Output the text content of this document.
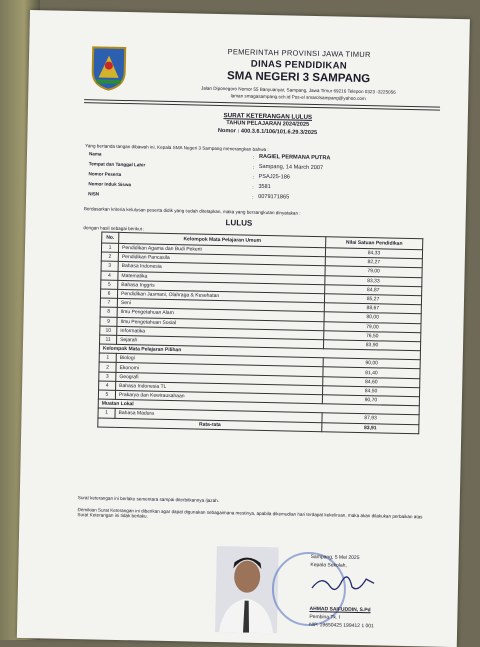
PEMERINTAH PROVINSI JAWA TIMUR
DINAS PENDIDIKAN
SMA NEGERI 3 SAMPANG
Jalan Diponegoro Nomor 55 Banyuanyar, Sampang, Jawa Timur 69216 Telepon 0323 -3225056
laman smagasampang.sch.id Pos-el sman3sampang@yahoo.com
SURAT KETERANGAN LULUS
TAHUN PELAJARAN 2024/2025
Nomor : 400.3.6.1/106/101.6.29.3/2025
Yang bertanda tangan dibawah ini, Kepala SMA Negeri 3 Sampang menerangkan bahwa :
Nama
: RAGIEL PERMANA PUTRA
Tempat dan Tanggal Lahir
: Sampang, 14 March 2007
Nomor Peserta
: PSAJ25-186
Nomor Induk Siswa
: 3581
NISN
: 0079171865
Berdasarkan kriteria kelulusan peserta didik yang sudah ditetapkan, maka yang bersangkutan dinyatakan :
LULUS
dengan hasil sebagai berikut :
No.	Kelompok Mata Pelajaran Umum	Nilai Satuan Pendidikan
1	Pendidikan Agama dan Budi Pekerti	84,33
2	Pendidikan Pancasila	82,27
3	Bahasa Indonesia	79,00
4	Matematika	83,33
5	Bahasa Inggris	84,87
6	Pendidikan Jasmani, Olahraga & Kesehatan	85,27
7	Seni	88,67
8	Ilmu Pengetahuan Alam	80,00
9	Ilmu Pengetahuan Sosial	79,00
10	Informatika	76,50
11	Sejarah	83,90
Kelompok Mata Pelajaran Pilihan		
1	Biologi	90,00
2	Ekonomi	81,40
3	Geografi	84,60
4	Bahasa Indonesia TL	84,50
5	Prakarya dan Kewirausahaan	90,70
Muatan Lokal		
1	Bahasa Madura	87,93
Rata-rata		83,91
Surat keterangan ini berlaku sementara sampai diterbitkannya Ijazah.
Demikian Surat Keterangan ini diberikan agar dapat digunakan sebagaimana mestinya, apabila dikemudian hari terdapat kekeliruan, maka akan dilakukan perbaikan atas Surat Keterangan ini tidak berlaku.
Sampang, 5 Mei 2025
Kepala Sekolah,
AHMAD SAIFUDDIN, S.Pd
Pembina Tk. I
NIP. 19650425 199412 1 001
